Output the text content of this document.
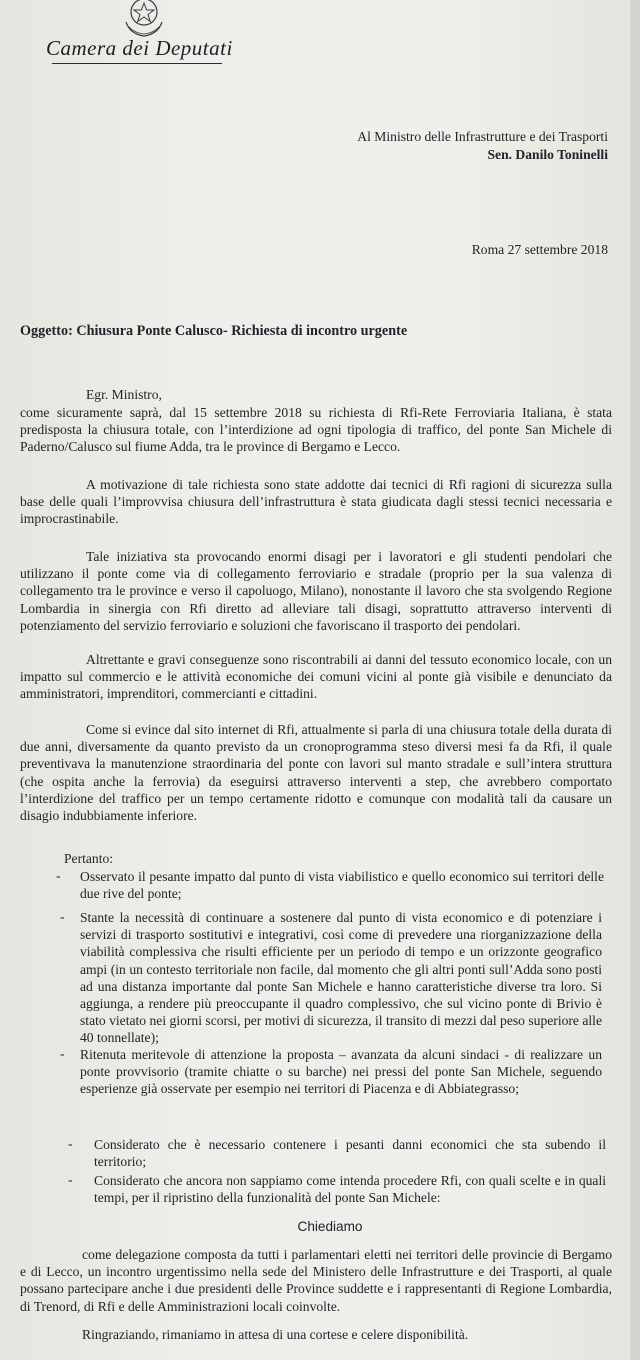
Camera dei Deputati
Al Ministro delle Infrastrutture e dei Trasporti
Sen. Danilo Toninelli
Roma 27 settembre 2018
Oggetto: Chiusura Ponte Calusco- Richiesta di incontro urgente
Egr. Ministro,
come sicuramente saprà, dal 15 settembre 2018 su richiesta di Rfi-Rete Ferroviaria Italiana, è stata predisposta la chiusura totale, con l’interdizione ad ogni tipologia di traffico, del ponte San Michele di Paderno/Calusco sul fiume Adda, tra le province di Bergamo e Lecco.
A motivazione di tale richiesta sono state addotte dai tecnici di Rfi ragioni di sicurezza sulla base delle quali l’improvvisa chiusura dell’infrastruttura è stata giudicata dagli stessi tecnici necessaria e improcrastinabile.
Tale iniziativa sta provocando enormi disagi per i lavoratori e gli studenti pendolari che utilizzano il ponte come via di collegamento ferroviario e stradale (proprio per la sua valenza di collegamento tra le province e verso il capoluogo, Milano), nonostante il lavoro che sta svolgendo Regione Lombardia in sinergia con Rfi diretto ad alleviare tali disagi, soprattutto attraverso interventi di potenziamento del servizio ferroviario e soluzioni che favoriscano il trasporto dei pendolari.
Altrettante e gravi conseguenze sono riscontrabili ai danni del tessuto economico locale, con un impatto sul commercio e le attività economiche dei comuni vicini al ponte già visibile e denunciato da amministratori, imprenditori, commercianti e cittadini.
Come si evince dal sito internet di Rfi, attualmente si parla di una chiusura totale della durata di due anni, diversamente da quanto previsto da un cronoprogramma steso diversi mesi fa da Rfi, il quale preventivava la manutenzione straordinaria del ponte con lavori sul manto stradale e sull’intera struttura (che ospita anche la ferrovia) da eseguirsi attraverso interventi a step, che avrebbero comportato l’interdizione del traffico per un tempo certamente ridotto e comunque con modalità tali da causare un disagio indubbiamente inferiore.
Pertanto:
- Osservato il pesante impatto dal punto di vista viabilistico e quello economico sui territori delle due rive del ponte;
- Stante la necessità di continuare a sostenere dal punto di vista economico e di potenziare i servizi di trasporto sostitutivi e integrativi, così come di prevedere una riorganizzazione della viabilità complessiva che risulti efficiente per un periodo di tempo e un orizzonte geografico ampi (in un contesto territoriale non facile, dal momento che gli altri ponti sull’Adda sono posti ad una distanza importante dal ponte San Michele e hanno caratteristiche diverse tra loro. Si aggiunga, a rendere più preoccupante il quadro complessivo, che sul vicino ponte di Brivio è stato vietato nei giorni scorsi, per motivi di sicurezza, il transito di mezzi dal peso superiore alle 40 tonnellate);
- Ritenuta meritevole di attenzione la proposta – avanzata da alcuni sindaci - di realizzare un ponte provvisorio (tramite chiatte o su barche) nei pressi del ponte San Michele, seguendo esperienze già osservate per esempio nei territori di Piacenza e di Abbiategrasso;
- Considerato che è necessario contenere i pesanti danni economici che sta subendo il territorio;
- Considerato che ancora non sappiamo come intenda procedere Rfi, con quali scelte e in quali tempi, per il ripristino della funzionalità del ponte San Michele:
Chiediamo
come delegazione composta da tutti i parlamentari eletti nei territori delle provincie di Bergamo e di Lecco, un incontro urgentissimo nella sede del Ministero delle Infrastrutture e dei Trasporti, al quale possano partecipare anche i due presidenti delle Province suddette e i rappresentanti di Regione Lombardia, di Trenord, di Rfi e delle Amministrazioni locali coinvolte.
Ringraziando, rimaniamo in attesa di una cortese e celere disponibilità.
